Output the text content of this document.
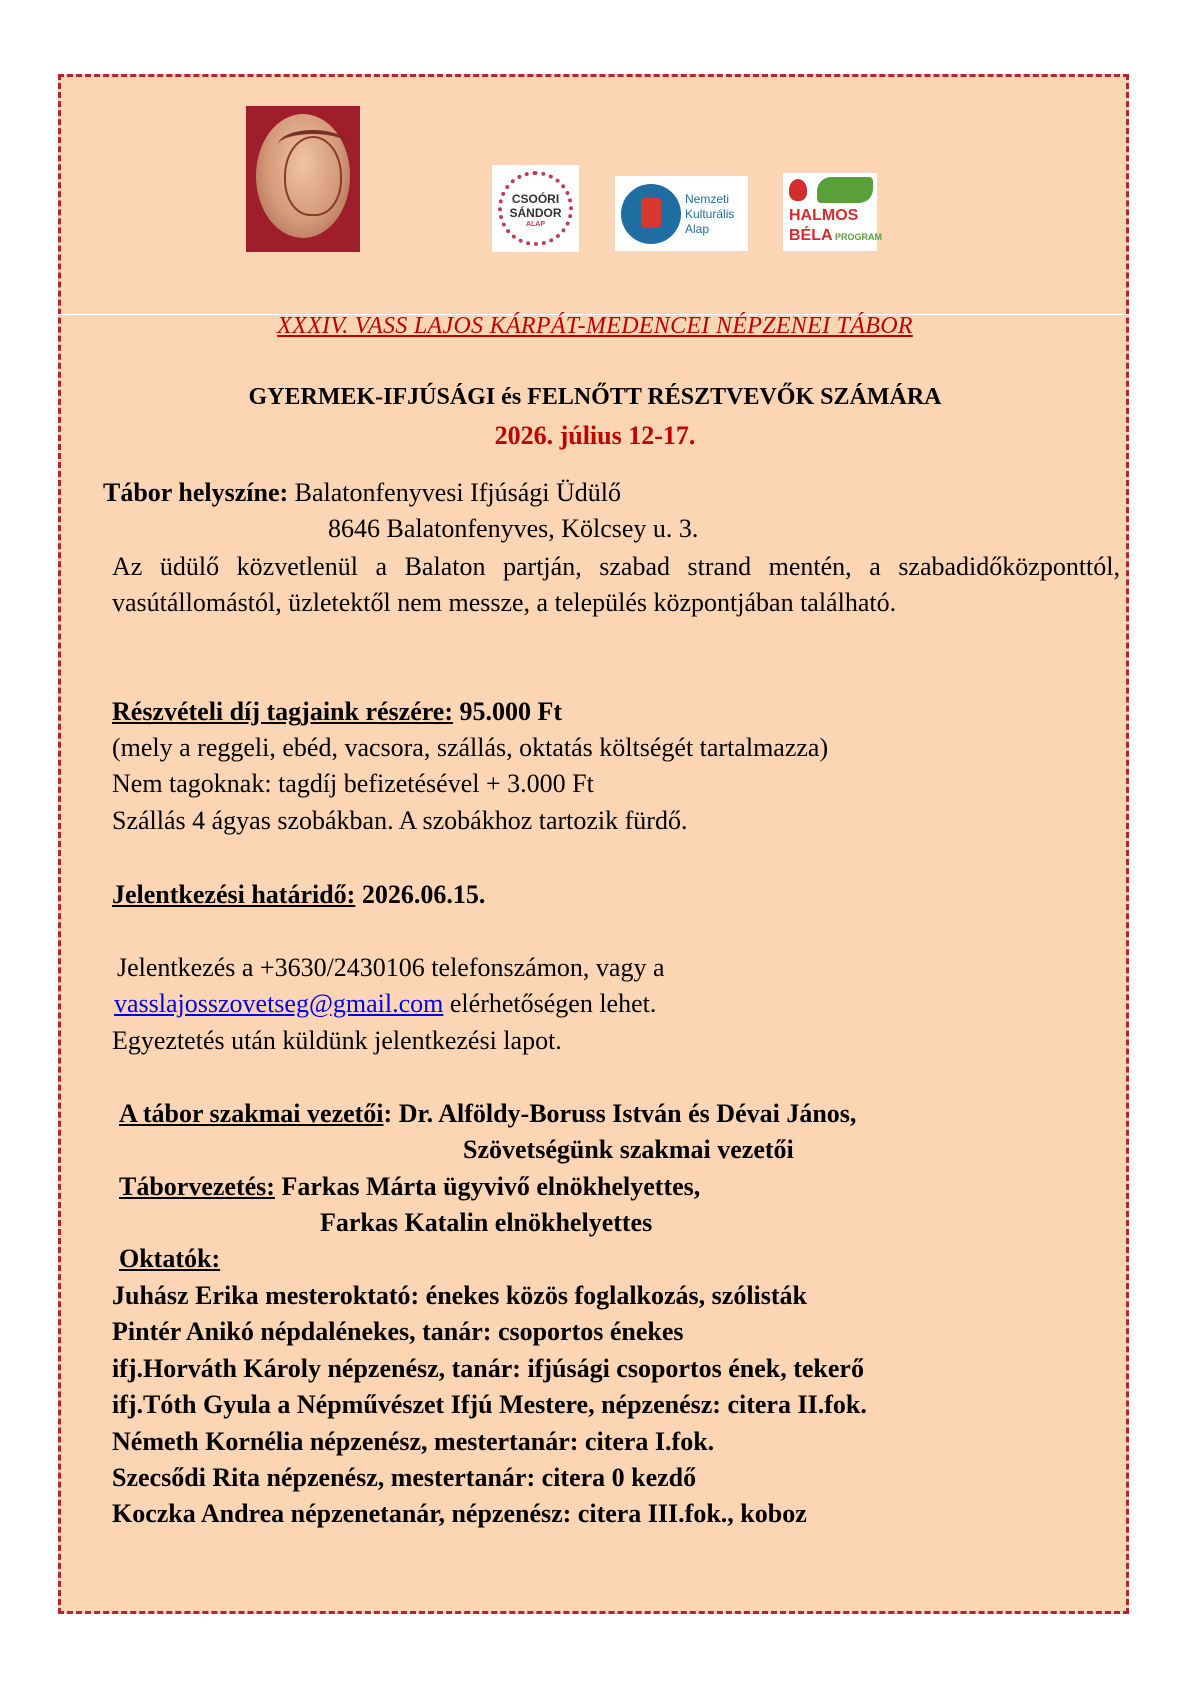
CSOÓRI
SÁNDOR
ALAP
Nemzeti
Kulturális
Alap
HALMOS
BÉLA PROGRAM
XXXIV. VASS LAJOS KÁRPÁT-MEDENCEI NÉPZENEI TÁBOR
GYERMEK-IFJÚSÁGI és FELNŐTT RÉSZTVEVŐK SZÁMÁRA
2026. július 12-17.
Tábor helyszíne: Balatonfenyvesi Ifjúsági Üdülő
8646 Balatonfenyves, Kölcsey u. 3.
Az üdülő közvetlenül a Balaton partján, szabad strand mentén, a szabadidőközponttól, vasútállomástól, üzletektől nem messze, a település központjában található.
Részvételi díj tagjaink részére: 95.000 Ft
(mely a reggeli, ebéd, vacsora, szállás, oktatás költségét tartalmazza)
Nem tagoknak: tagdíj befizetésével + 3.000 Ft
Szállás 4 ágyas szobákban. A szobákhoz tartozik fürdő.
Jelentkezési határidő: 2026.06.15.
Jelentkezés a +3630/2430106 telefonszámon, vagy a
vasslajosszovetseg@gmail.com elérhetőségen lehet.
Egyeztetés után küldünk jelentkezési lapot.
A tábor szakmai vezetői: Dr. Alföldy-Boruss István és Dévai János,
Szövetségünk szakmai vezetői
Táborvezetés: Farkas Márta ügyvivő elnökhelyettes,
Farkas Katalin elnökhelyettes
Oktatók:
Juhász Erika mesteroktató: énekes közös foglalkozás, szólisták
Pintér Anikó népdalénekes, tanár: csoportos énekes
ifj.Horváth Károly népzenész, tanár: ifjúsági csoportos ének, tekerő
ifj.Tóth Gyula a Népművészet Ifjú Mestere, népzenész: citera II.fok.
Németh Kornélia népzenész, mestertanár: citera I.fok.
Szecsődi Rita népzenész, mestertanár: citera 0 kezdő
Koczka Andrea népzenetanár, népzenész: citera III.fok., koboz
